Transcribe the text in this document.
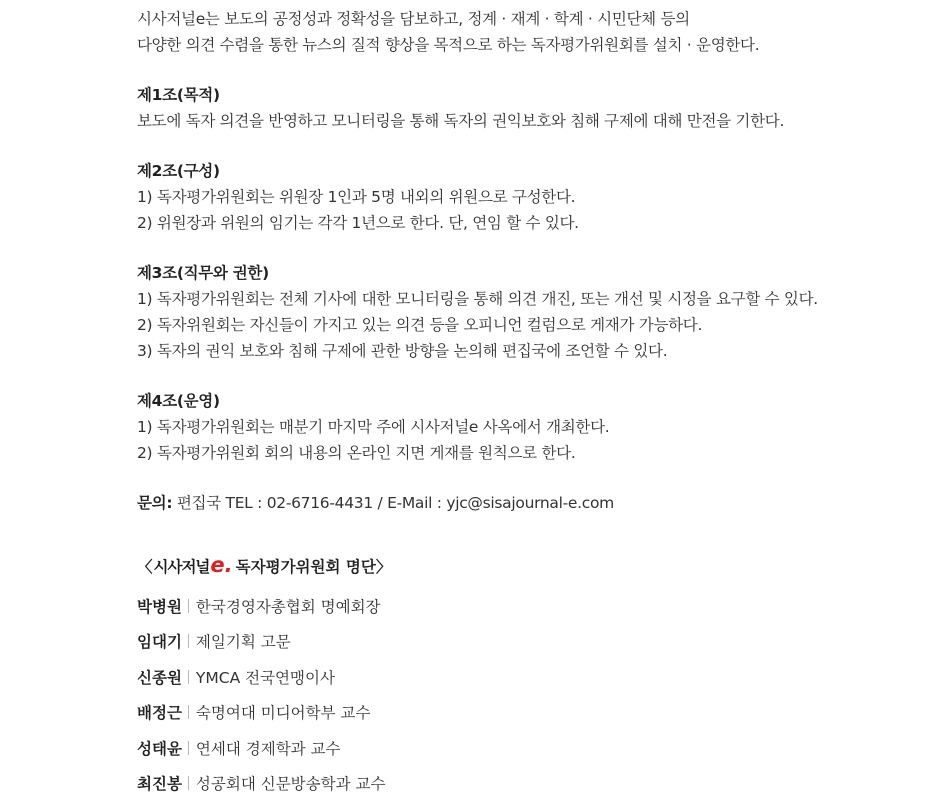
시사저널e는 보도의 공정성과 정확성을 담보하고, 정계 · 재계 · 학계 · 시민단체 등의
다양한 의견 수렴을 통한 뉴스의 질적 향상을 목적으로 하는 독자평가위원회를 설치 · 운영한다.
제1조(목적)
보도에 독자 의견을 반영하고 모니터링을 통해 독자의 권익보호와 침해 구제에 대해 만전을 기한다.
제2조(구성)
1) 독자평가위원회는 위원장 1인과 5명 내외의 위원으로 구성한다.
2) 위원장과 위원의 임기는 각각 1년으로 한다. 단, 연임 할 수 있다.
제3조(직무와 권한)
1) 독자평가위원회는 전체 기사에 대한 모니터링을 통해 의견 개진, 또는 개선 및 시정을 요구할 수 있다.
2) 독자위원회는 자신들이 가지고 있는 의견 등을 오피니언 컬럼으로 게재가 가능하다.
3) 독자의 권익 보호와 침해 구제에 관한 방향을 논의해 편집국에 조언할 수 있다.
제4조(운영)
1) 독자평가위원회는 매분기 마지막 주에 시사저널e 사옥에서 개최한다.
2) 독자평가위원회 회의 내용의 온라인 지면 게재를 원칙으로 한다.
문의: 편집국 TEL : 02-6716-4431 / E-Mail : yjc@sisajournal-e.com
〈 시사저널 e. 독자평가위원회 명단 〉
박병원 한국경영자총협회 명예회장
임대기 제일기획 고문
신종원 YMCA 전국연맹이사
배정근 숙명여대 미디어학부 교수
성태윤 연세대 경제학과 교수
최진봉 성공회대 신문방송학과 교수
